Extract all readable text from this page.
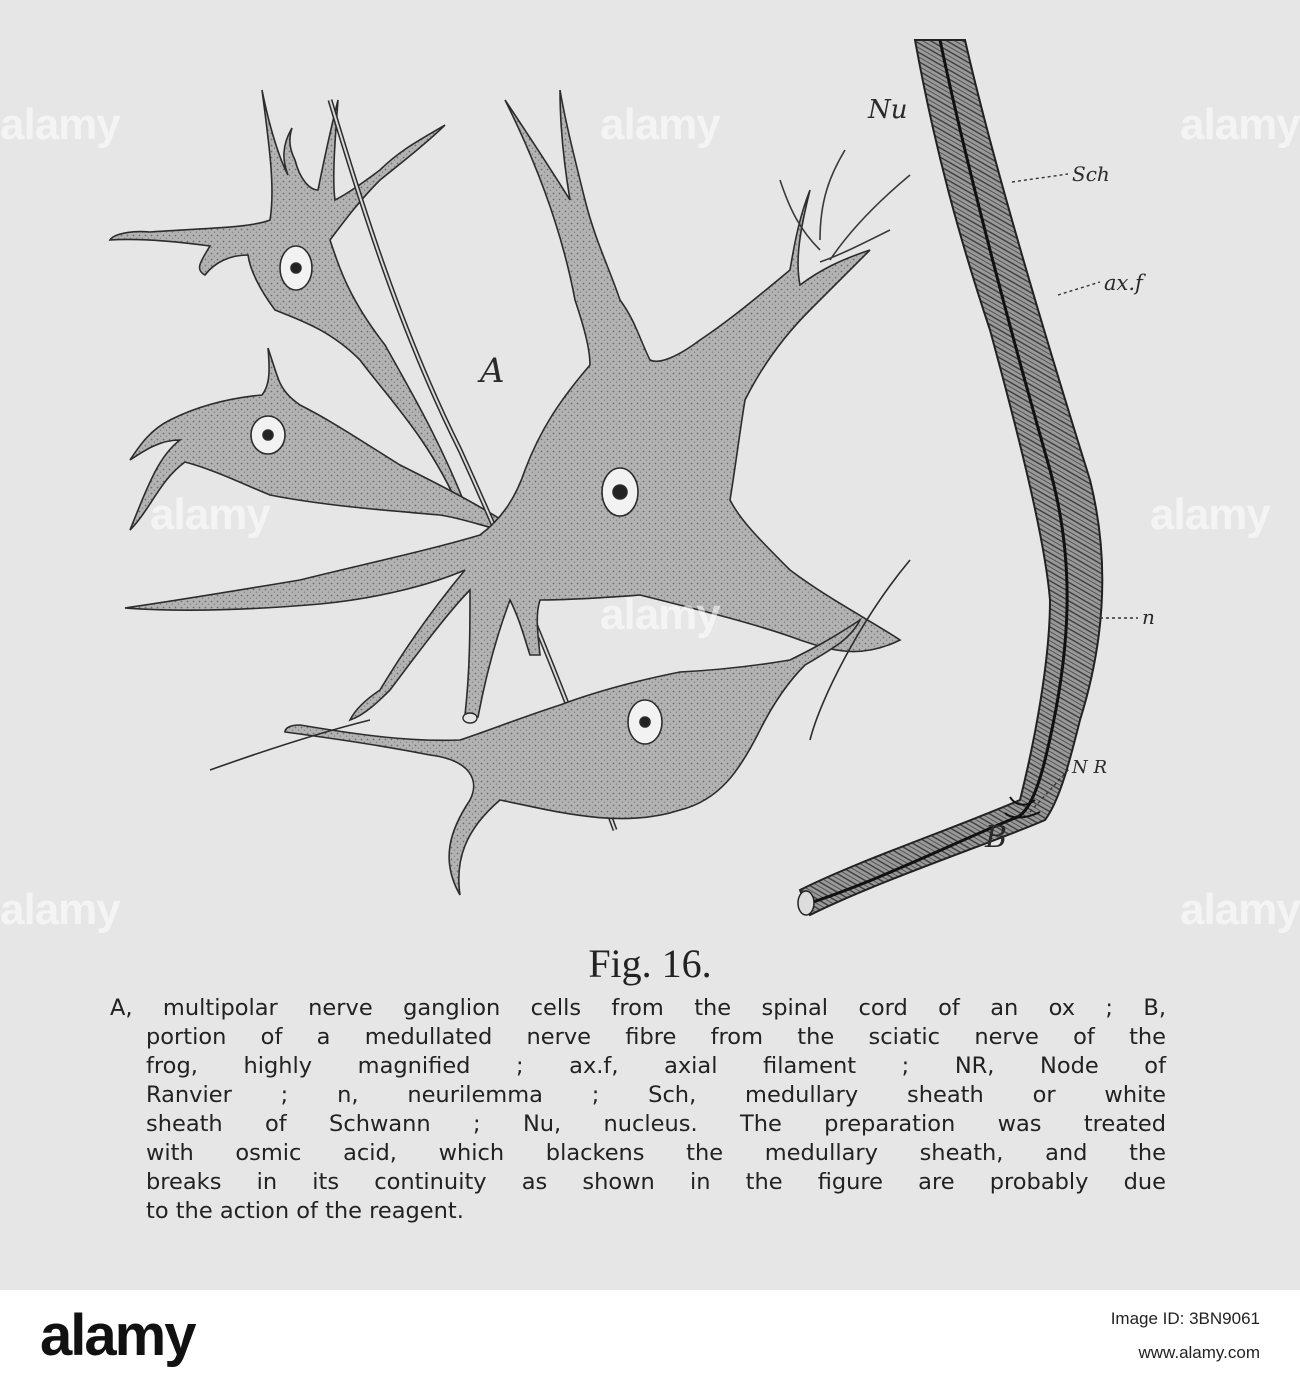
A
B
Nu
Sch
ax.f
n
N R
alamy	alamy	alamy
alamy
alamy
alamy
alamy	alamy
Fig. 16.
A, multipolar nerve ganglion cells from the spinal cord of an ox ; B,
portion of a medullated nerve fibre from the sciatic nerve of the
frog, highly magnified ; ax.f, axial filament ; NR, Node of
Ranvier ; n, neurilemma ; Sch, medullary sheath or white
sheath of Schwann ; Nu, nucleus. The preparation was treated
with osmic acid, which blackens the medullary sheath, and the
breaks in its continuity as shown in the figure are probably due
to the action of the reagent.
alamy	Image ID: 3BN9061
www.alamy.com
